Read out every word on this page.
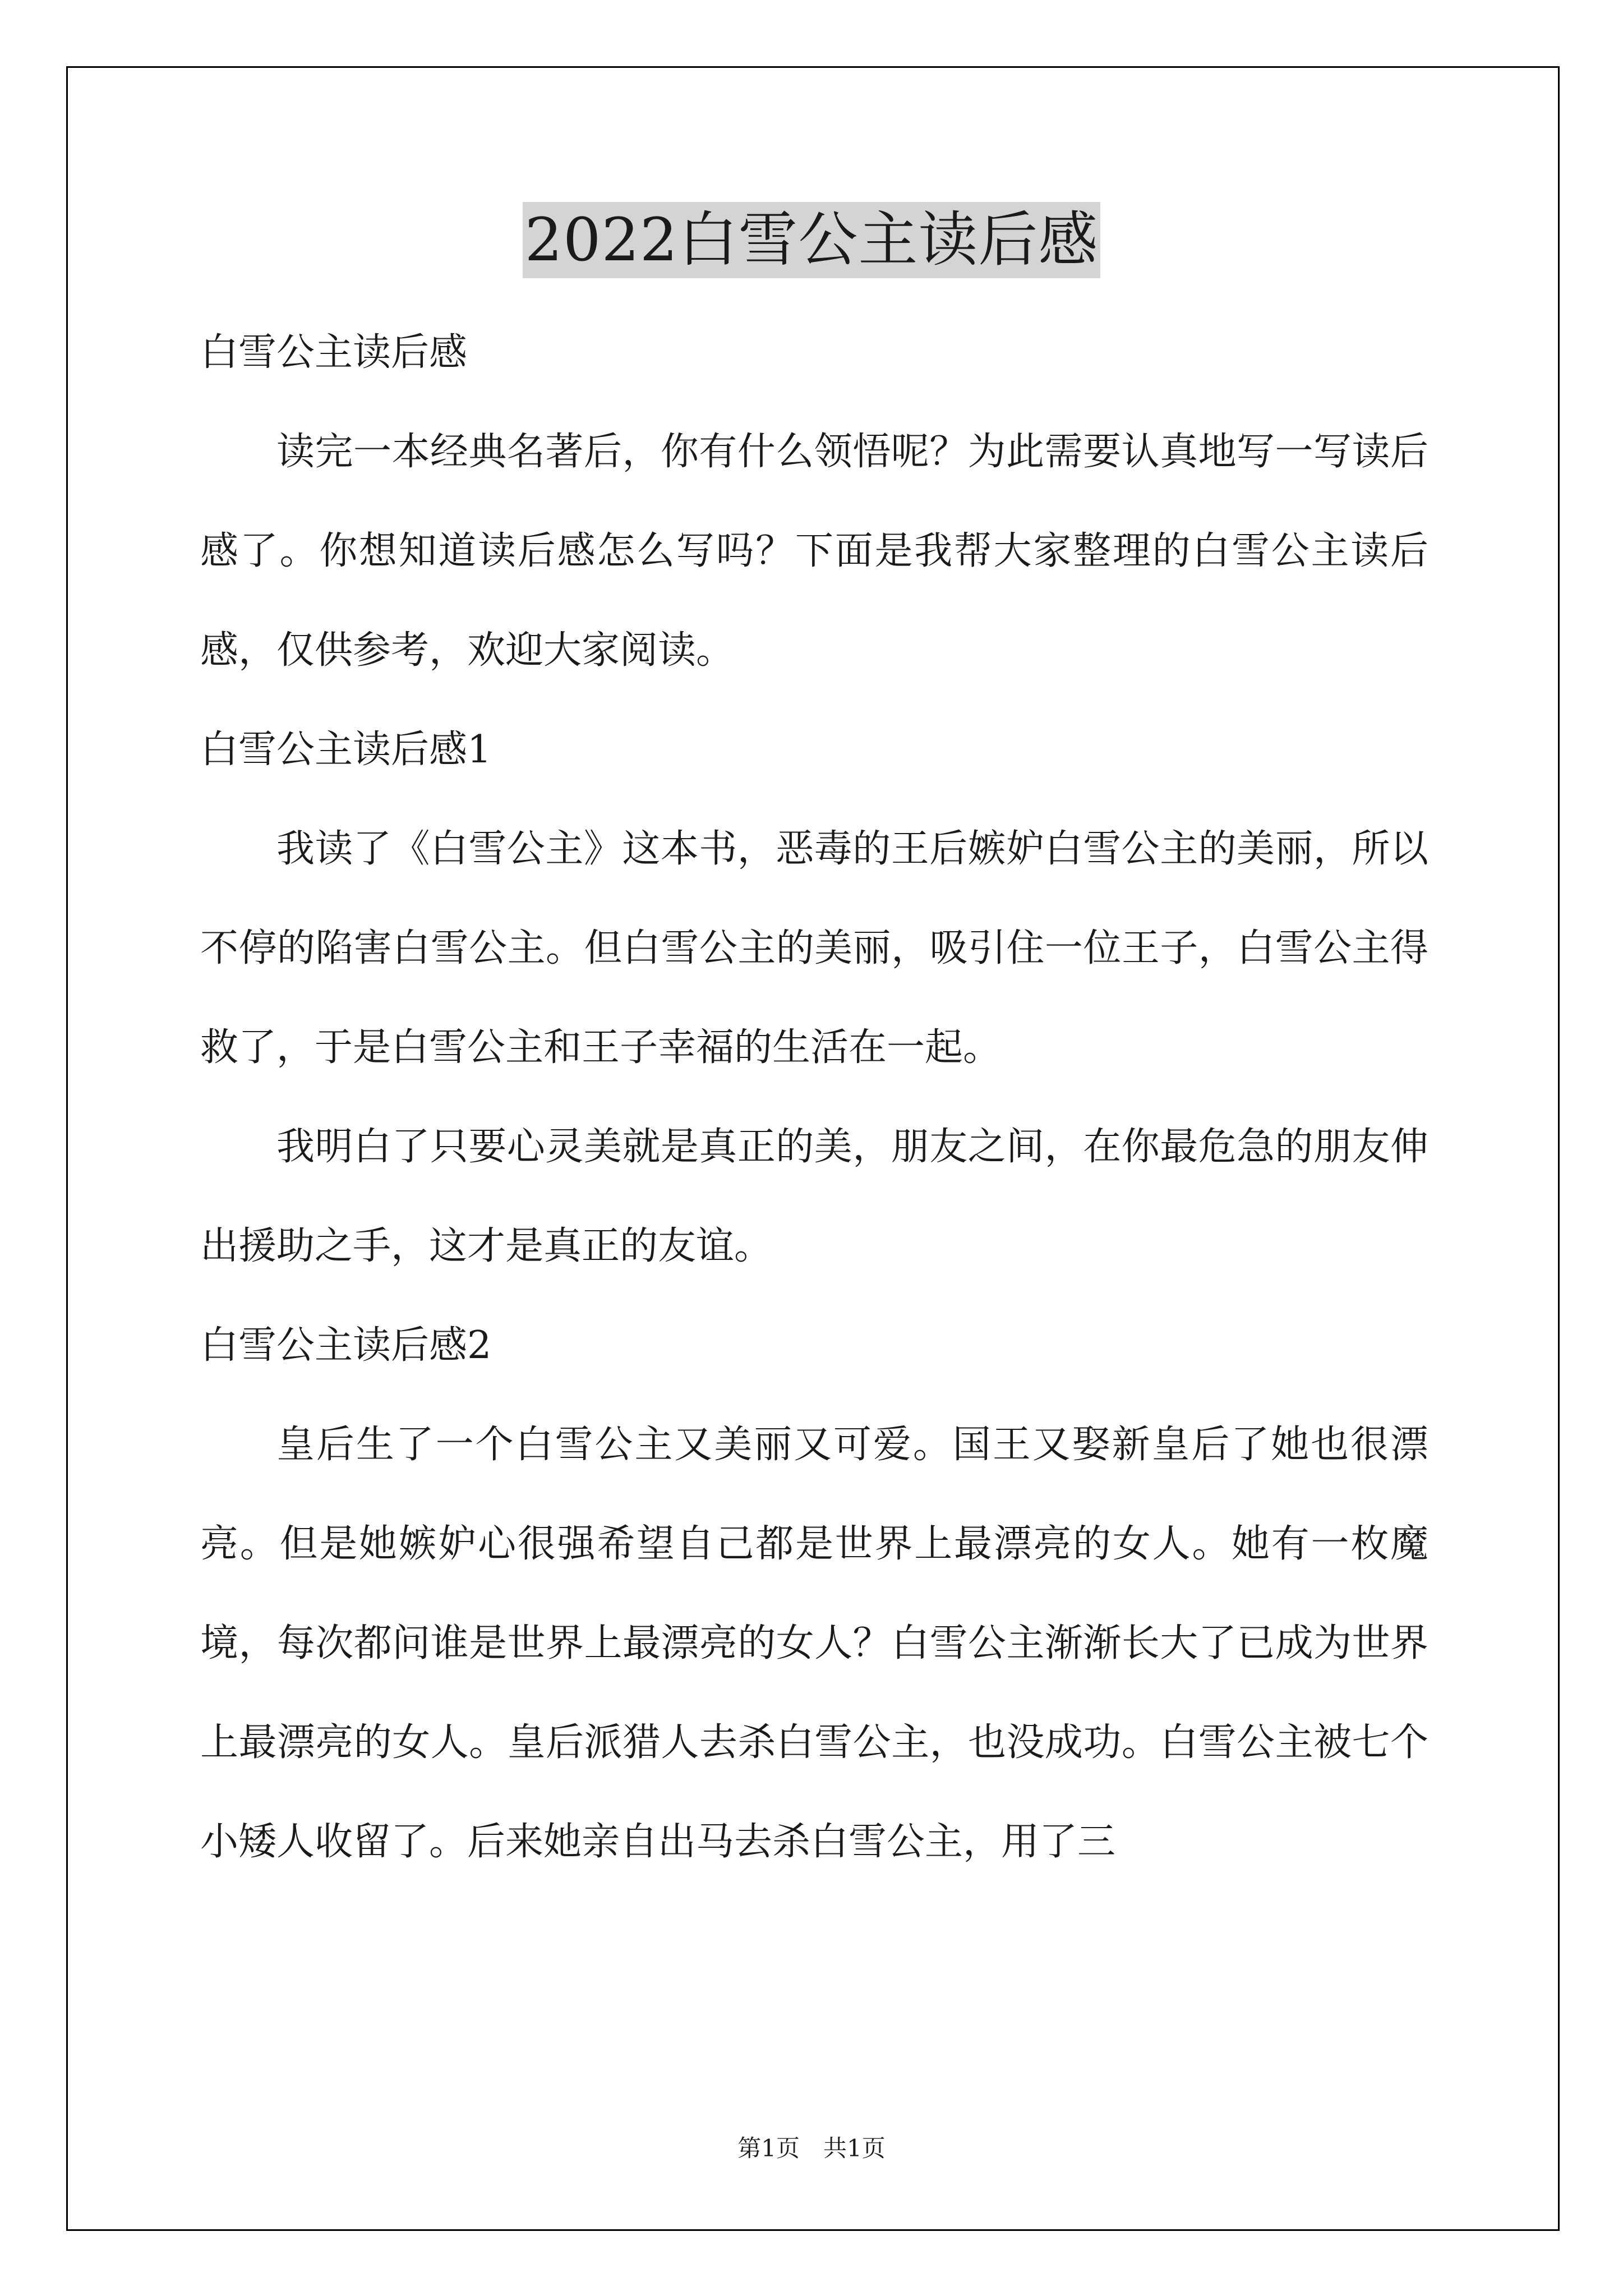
2022白雪公主读后感
白雪公主读后感

读完一本经典名著后，你有什么领悟呢？为此需要认真地写一写读后感了。你想知道读后感怎么写吗？下面是我帮大家整理的白雪公主读后感，仅供参考，欢迎大家阅读。

白雪公主读后感1

我读了《白雪公主》这本书，恶毒的王后嫉妒白雪公主的美丽，所以不停的陷害白雪公主。但白雪公主的美丽，吸引住一位王子，白雪公主得救了，于是白雪公主和王子幸福的生活在一起。

我明白了只要心灵美就是真正的美，朋友之间，在你最危急的朋友伸出援助之手，这才是真正的友谊。

白雪公主读后感2

皇后生了一个白雪公主又美丽又可爱。国王又娶新皇后了她也很漂亮。但是她嫉妒心很强希望自己都是世界上最漂亮的女人。她有一枚魔境，每次都问谁是世界上最漂亮的女人？白雪公主渐渐长大了已成为世界上最漂亮的女人。皇后派猎人去杀白雪公主，也没成功。白雪公主被七个小矮人收留了。后来她亲自出马去杀白雪公主，用了三

第1页　共1页
